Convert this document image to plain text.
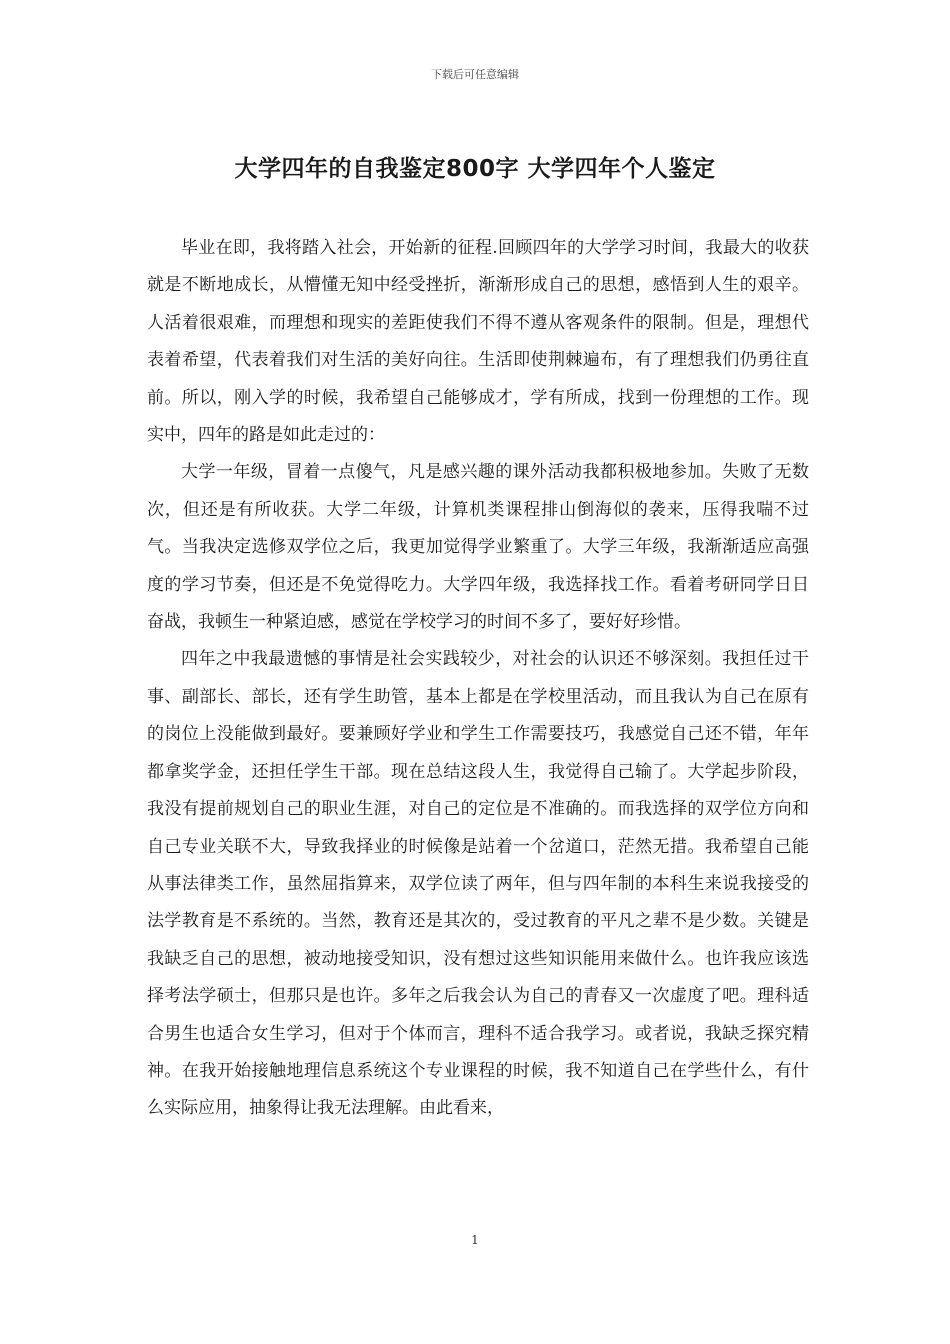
下载后可任意编辑
大学四年的自我鉴定800字 大学四年个人鉴定

毕业在即，我将踏入社会，开始新的征程.回顾四年的大学学习时间，我最大的收获就是不断地成长，从懵懂无知中经受挫折，渐渐形成自己的思想，感悟到人生的艰辛。人活着很艰难，而理想和现实的差距使我们不得不遵从客观条件的限制。但是，理想代表着希望，代表着我们对生活的美好向往。生活即使荆棘遍布，有了理想我们仍勇往直前。所以，刚入学的时候，我希望自己能够成才，学有所成，找到一份理想的工作。现实中，四年的路是如此走过的：

大学一年级，冒着一点傻气，凡是感兴趣的课外活动我都积极地参加。失败了无数次，但还是有所收获。大学二年级，计算机类课程排山倒海似的袭来，压得我喘不过气。当我决定选修双学位之后，我更加觉得学业繁重了。大学三年级，我渐渐适应高强度的学习节奏，但还是不免觉得吃力。大学四年级，我选择找工作。看着考研同学日日奋战，我顿生一种紧迫感，感觉在学校学习的时间不多了，要好好珍惜。

四年之中我最遗憾的事情是社会实践较少，对社会的认识还不够深刻。我担任过干事、副部长、部长，还有学生助管，基本上都是在学校里活动，而且我认为自己在原有的岗位上没能做到最好。要兼顾好学业和学生工作需要技巧，我感觉自己还不错，年年都拿奖学金，还担任学生干部。现在总结这段人生，我觉得自己输了。大学起步阶段，我没有提前规划自己的职业生涯，对自己的定位是不准确的。而我选择的双学位方向和自己专业关联不大，导致我择业的时候像是站着一个岔道口，茫然无措。我希望自己能从事法律类工作，虽然屈指算来，双学位读了两年，但与四年制的本科生来说我接受的法学教育是不系统的。当然，教育还是其次的，受过教育的平凡之辈不是少数。关键是我缺乏自己的思想，被动地接受知识，没有想过这些知识能用来做什么。也许我应该选择考法学硕士，但那只是也许。多年之后我会认为自己的青春又一次虚度了吧。理科适合男生也适合女生学习，但对于个体而言，理科不适合我学习。或者说，我缺乏探究精神。在我开始接触地理信息系统这个专业课程的时候，我不知道自己在学些什么，有什么实际应用，抽象得让我无法理解。由此看来，

1
